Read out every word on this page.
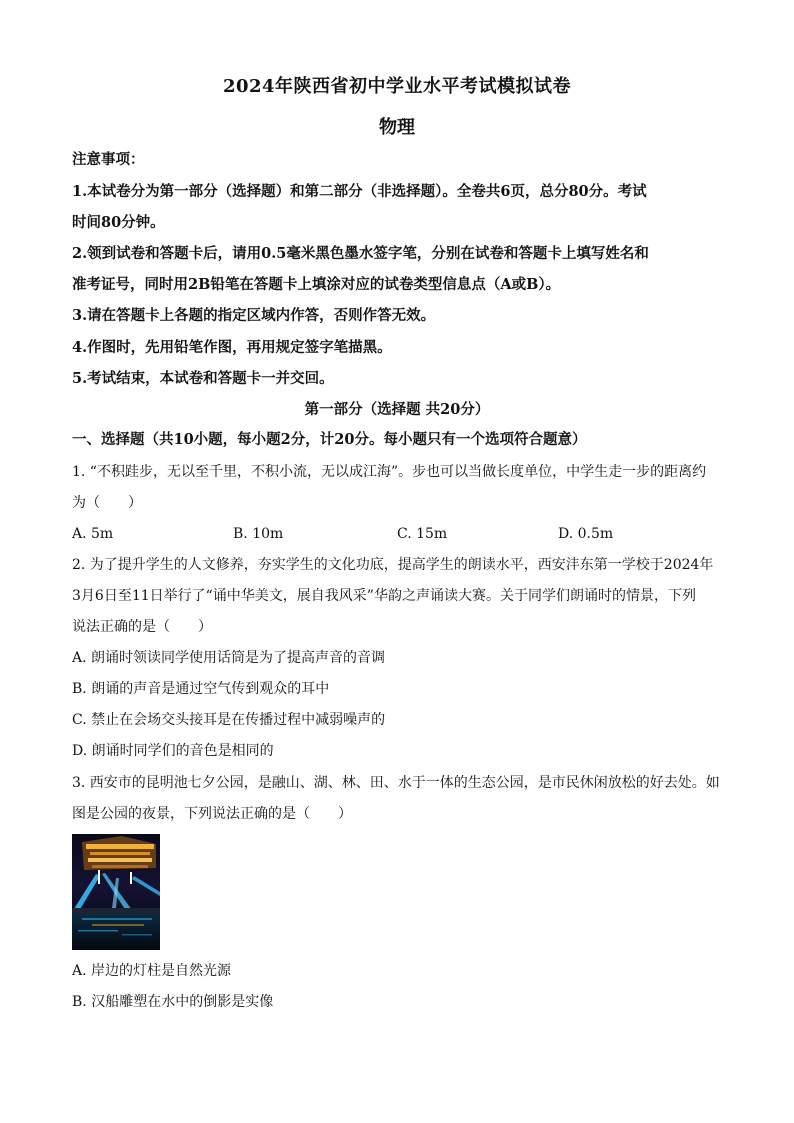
2024年陕西省初中学业水平考试模拟试卷
物理
注意事项：
1.本试卷分为第一部分（选择题）和第二部分（非选择题）。全卷共6页，总分80分。考试
时间80分钟。
2.领到试卷和答题卡后，请用0.5毫米黑色墨水签字笔，分别在试卷和答题卡上填写姓名和
准考证号，同时用2B铅笔在答题卡上填涂对应的试卷类型信息点（A或B）。
3.请在答题卡上各题的指定区域内作答，否则作答无效。
4.作图时，先用铅笔作图，再用规定签字笔描黑。
5.考试结束，本试卷和答题卡一并交回。
第一部分（选择题 共20分）
一、选择题（共10小题，每小题2分，计20分。每小题只有一个选项符合题意）
1. “不积跬步，无以至千里，不积小流，无以成江海”。步也可以当做长度单位，中学生走一步的距离约
为（　　）
A. 5m	B. 10m	C. 15m	D. 0.5m
2. 为了提升学生的人文修养，夯实学生的文化功底，提高学生的朗读水平，西安沣东第一学校于2024年
3月6日至11日举行了“诵中华美文，展自我风采”华韵之声诵读大赛。关于同学们朗诵时的情景，下列
说法正确的是（　　）
A. 朗诵时领读同学使用话筒是为了提高声音的音调
B. 朗诵的声音是通过空气传到观众的耳中
C. 禁止在会场交头接耳是在传播过程中减弱噪声的
D. 朗诵时同学们的音色是相同的
3. 西安市的昆明池七夕公园，是融山、湖、林、田、水于一体的生态公园，是市民休闲放松的好去处。如
图是公园的夜景，下列说法正确的是（　　）
A. 岸边的灯柱是自然光源
B. 汉船雕塑在水中的倒影是实像
